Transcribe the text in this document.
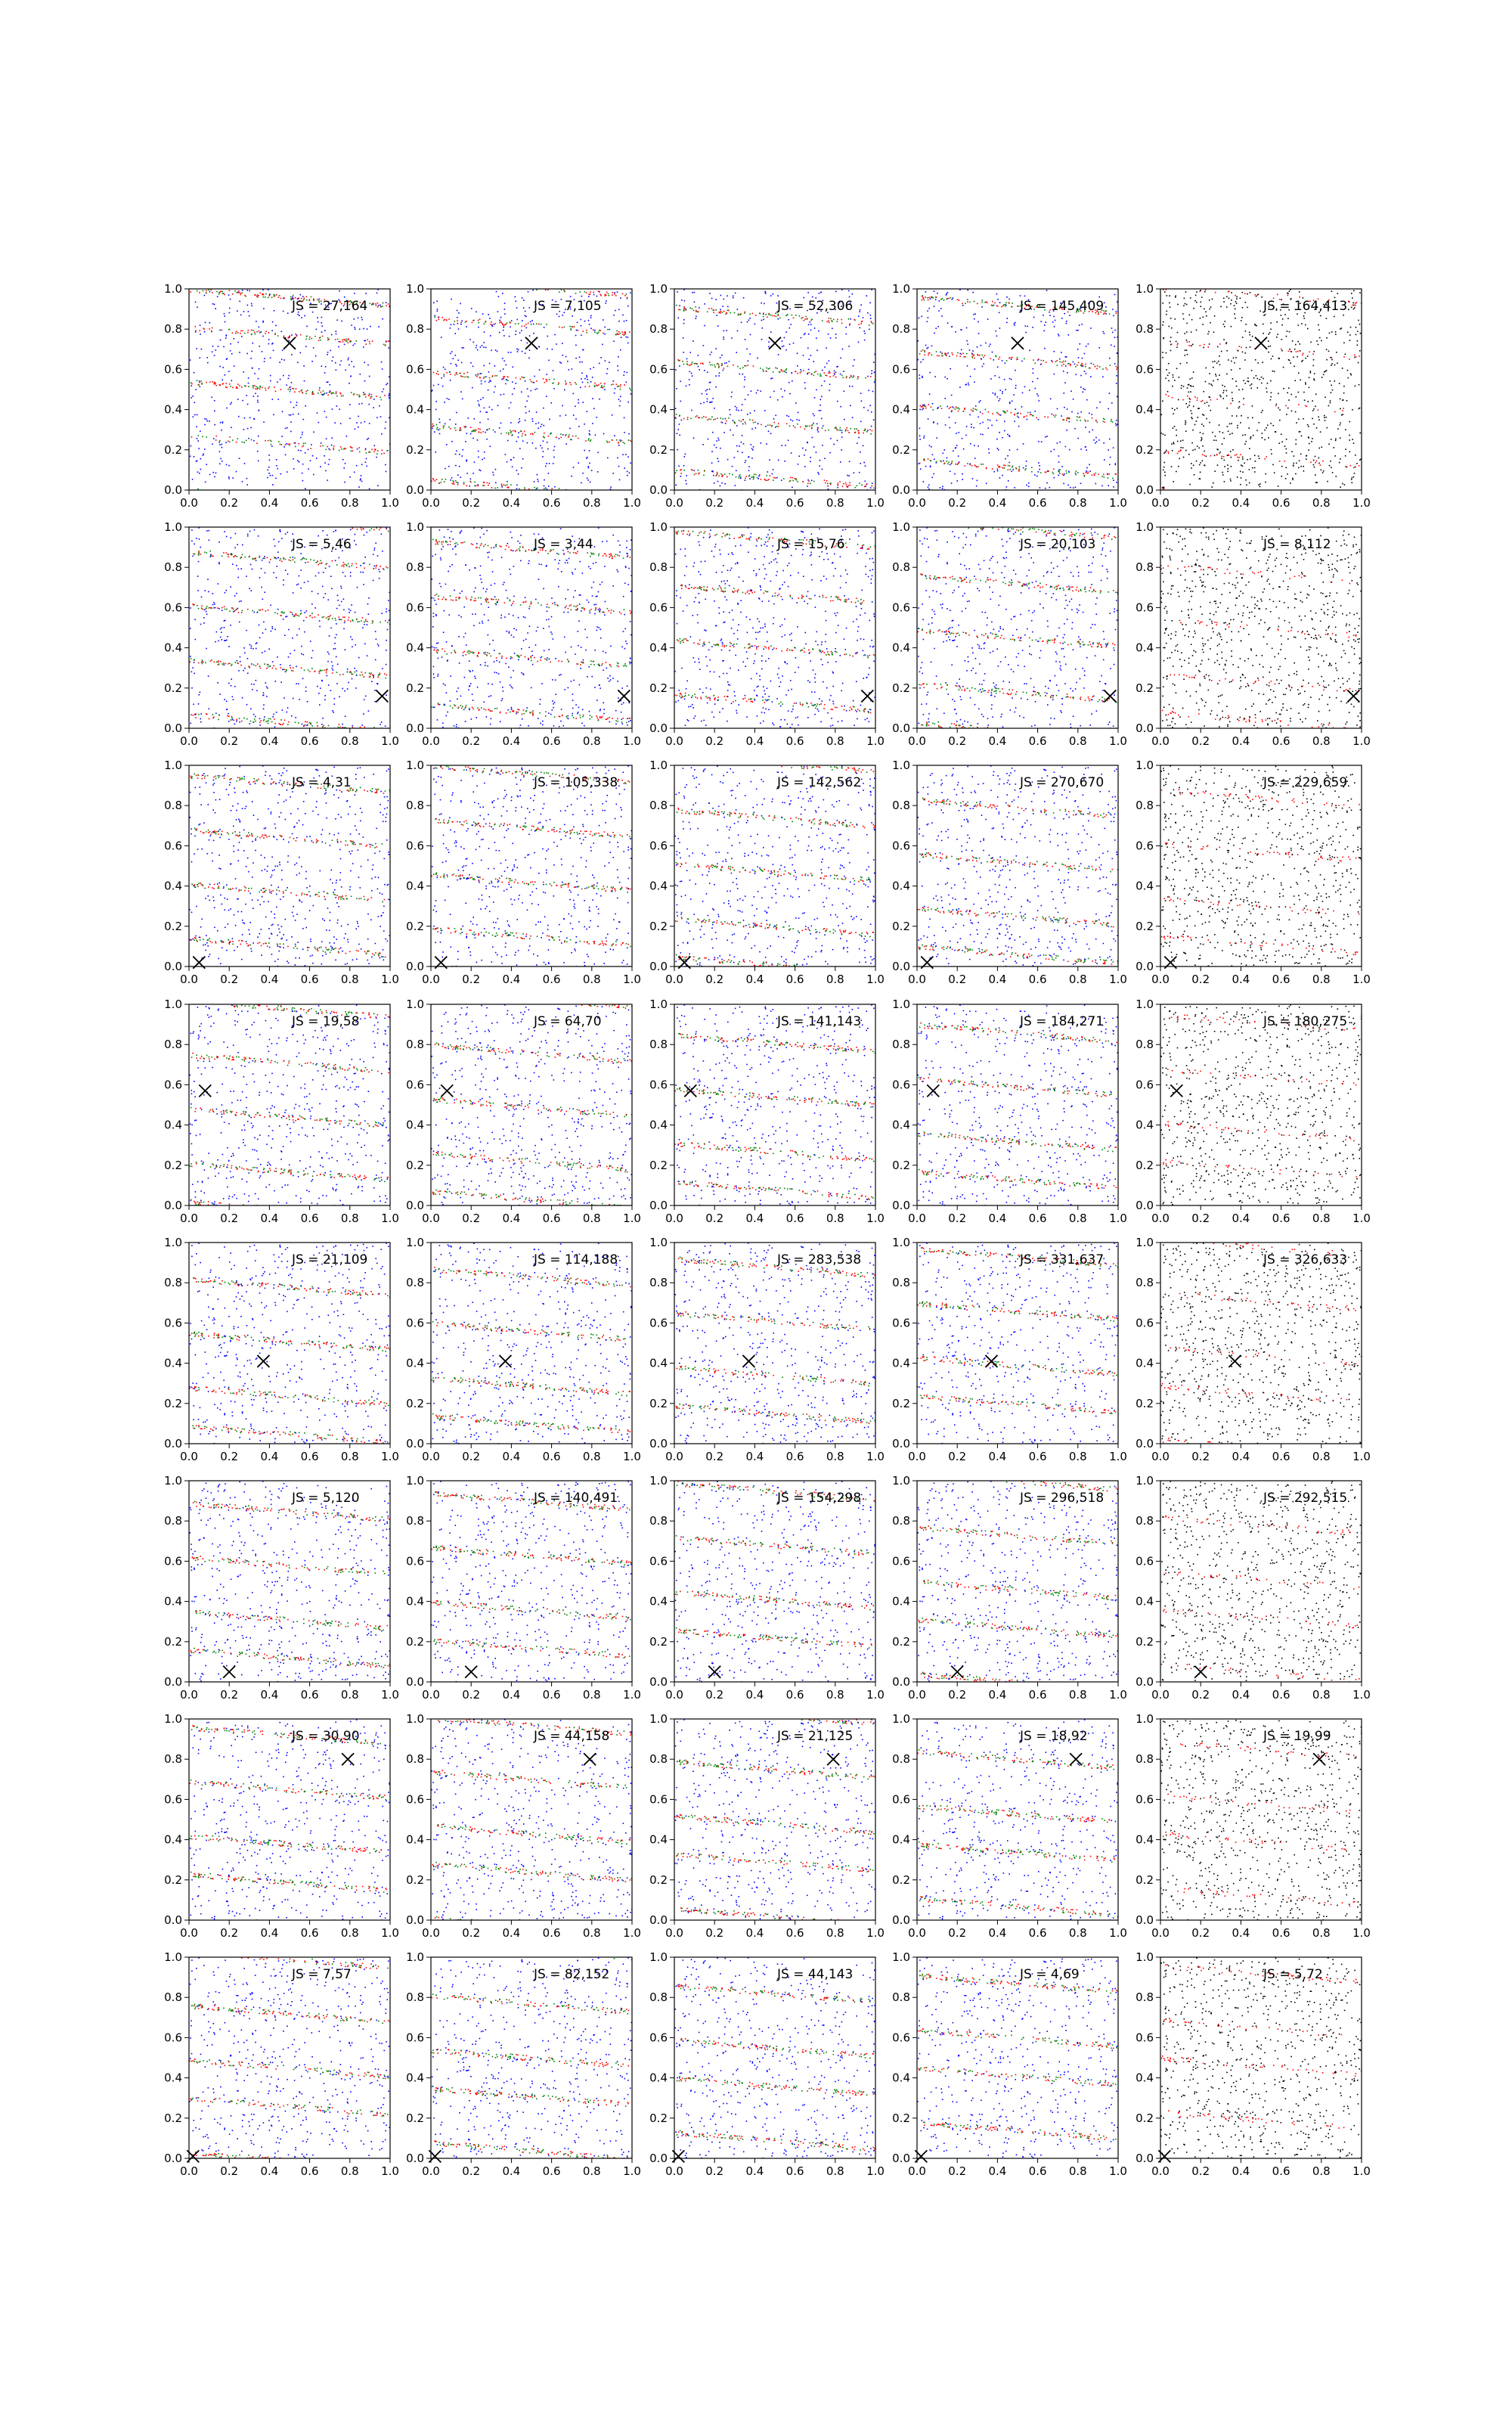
0.0 0.2 0.4 0.6 0.8 1.0
0.0
0.2
0.4
0.6
0.8
1.0
JS = 27,164
0.0 0.2 0.4 0.6 0.8 1.0
0.0
0.2
0.4
0.6
0.8
1.0
JS = 7,105
0.0 0.2 0.4 0.6 0.8 1.0
0.0
0.2
0.4
0.6
0.8
1.0
JS = 52,306
0.0 0.2 0.4 0.6 0.8 1.0
0.0
0.2
0.4
0.6
0.8
1.0
JS = 145,409
0.0 0.2 0.4 0.6 0.8 1.0
0.0
0.2
0.4
0.6
0.8
1.0
JS = 164,413
0.0 0.2 0.4 0.6 0.8 1.0
0.0
0.2
0.4
0.6
0.8
1.0
JS = 5,46
0.0 0.2 0.4 0.6 0.8 1.0
0.0
0.2
0.4
0.6
0.8
1.0
JS = 3,44
0.0 0.2 0.4 0.6 0.8 1.0
0.0
0.2
0.4
0.6
0.8
1.0
JS = 15,76
0.0 0.2 0.4 0.6 0.8 1.0
0.0
0.2
0.4
0.6
0.8
1.0
JS = 20,103
0.0 0.2 0.4 0.6 0.8 1.0
0.0
0.2
0.4
0.6
0.8
1.0
JS = 8,112
0.0 0.2 0.4 0.6 0.8 1.0
0.0
0.2
0.4
0.6
0.8
1.0
JS = 4,31
0.0 0.2 0.4 0.6 0.8 1.0
0.0
0.2
0.4
0.6
0.8
1.0
JS = 105,338
0.0 0.2 0.4 0.6 0.8 1.0
0.0
0.2
0.4
0.6
0.8
1.0
JS = 142,562
0.0 0.2 0.4 0.6 0.8 1.0
0.0
0.2
0.4
0.6
0.8
1.0
JS = 270,670
0.0 0.2 0.4 0.6 0.8 1.0
0.0
0.2
0.4
0.6
0.8
1.0
JS = 229,659
0.0 0.2 0.4 0.6 0.8 1.0
0.0
0.2
0.4
0.6
0.8
1.0
JS = 19,58
0.0 0.2 0.4 0.6 0.8 1.0
0.0
0.2
0.4
0.6
0.8
1.0
JS = 64,70
0.0 0.2 0.4 0.6 0.8 1.0
0.0
0.2
0.4
0.6
0.8
1.0
JS = 141,143
0.0 0.2 0.4 0.6 0.8 1.0
0.0
0.2
0.4
0.6
0.8
1.0
JS = 184,271
0.0 0.2 0.4 0.6 0.8 1.0
0.0
0.2
0.4
0.6
0.8
1.0
JS = 180,275
0.0 0.2 0.4 0.6 0.8 1.0
0.0
0.2
0.4
0.6
0.8
1.0
JS = 21,109
0.0 0.2 0.4 0.6 0.8 1.0
0.0
0.2
0.4
0.6
0.8
1.0
JS = 114,188
0.0 0.2 0.4 0.6 0.8 1.0
0.0
0.2
0.4
0.6
0.8
1.0
JS = 283,538
0.0 0.2 0.4 0.6 0.8 1.0
0.0
0.2
0.4
0.6
0.8
1.0
JS = 331,637
0.0 0.2 0.4 0.6 0.8 1.0
0.0
0.2
0.4
0.6
0.8
1.0
JS = 326,633
0.0 0.2 0.4 0.6 0.8 1.0
0.0
0.2
0.4
0.6
0.8
1.0
JS = 5,120
0.0 0.2 0.4 0.6 0.8 1.0
0.0
0.2
0.4
0.6
0.8
1.0
JS = 140,491
0.0 0.2 0.4 0.6 0.8 1.0
0.0
0.2
0.4
0.6
0.8
1.0
JS = 154,298
0.0 0.2 0.4 0.6 0.8 1.0
0.0
0.2
0.4
0.6
0.8
1.0
JS = 296,518
0.0 0.2 0.4 0.6 0.8 1.0
0.0
0.2
0.4
0.6
0.8
1.0
JS = 292,515
0.0 0.2 0.4 0.6 0.8 1.0
0.0
0.2
0.4
0.6
0.8
1.0
JS = 30,90
0.0 0.2 0.4 0.6 0.8 1.0
0.0
0.2
0.4
0.6
0.8
1.0
JS = 44,158
0.0 0.2 0.4 0.6 0.8 1.0
0.0
0.2
0.4
0.6
0.8
1.0
JS = 21,125
0.0 0.2 0.4 0.6 0.8 1.0
0.0
0.2
0.4
0.6
0.8
1.0
JS = 18,92
0.0 0.2 0.4 0.6 0.8 1.0
0.0
0.2
0.4
0.6
0.8
1.0
JS = 19,99
0.0 0.2 0.4 0.6 0.8 1.0
0.0
0.2
0.4
0.6
0.8
1.0
JS = 7,57
0.0 0.2 0.4 0.6 0.8 1.0
0.0
0.2
0.4
0.6
0.8
1.0
JS = 82,152
0.0 0.2 0.4 0.6 0.8 1.0
0.0
0.2
0.4
0.6
0.8
1.0
JS = 44,143
0.0 0.2 0.4 0.6 0.8 1.0
0.0
0.2
0.4
0.6
0.8
1.0
JS = 4,69
0.0 0.2 0.4 0.6 0.8 1.0
0.0
0.2
0.4
0.6
0.8
1.0
JS = 5,72
